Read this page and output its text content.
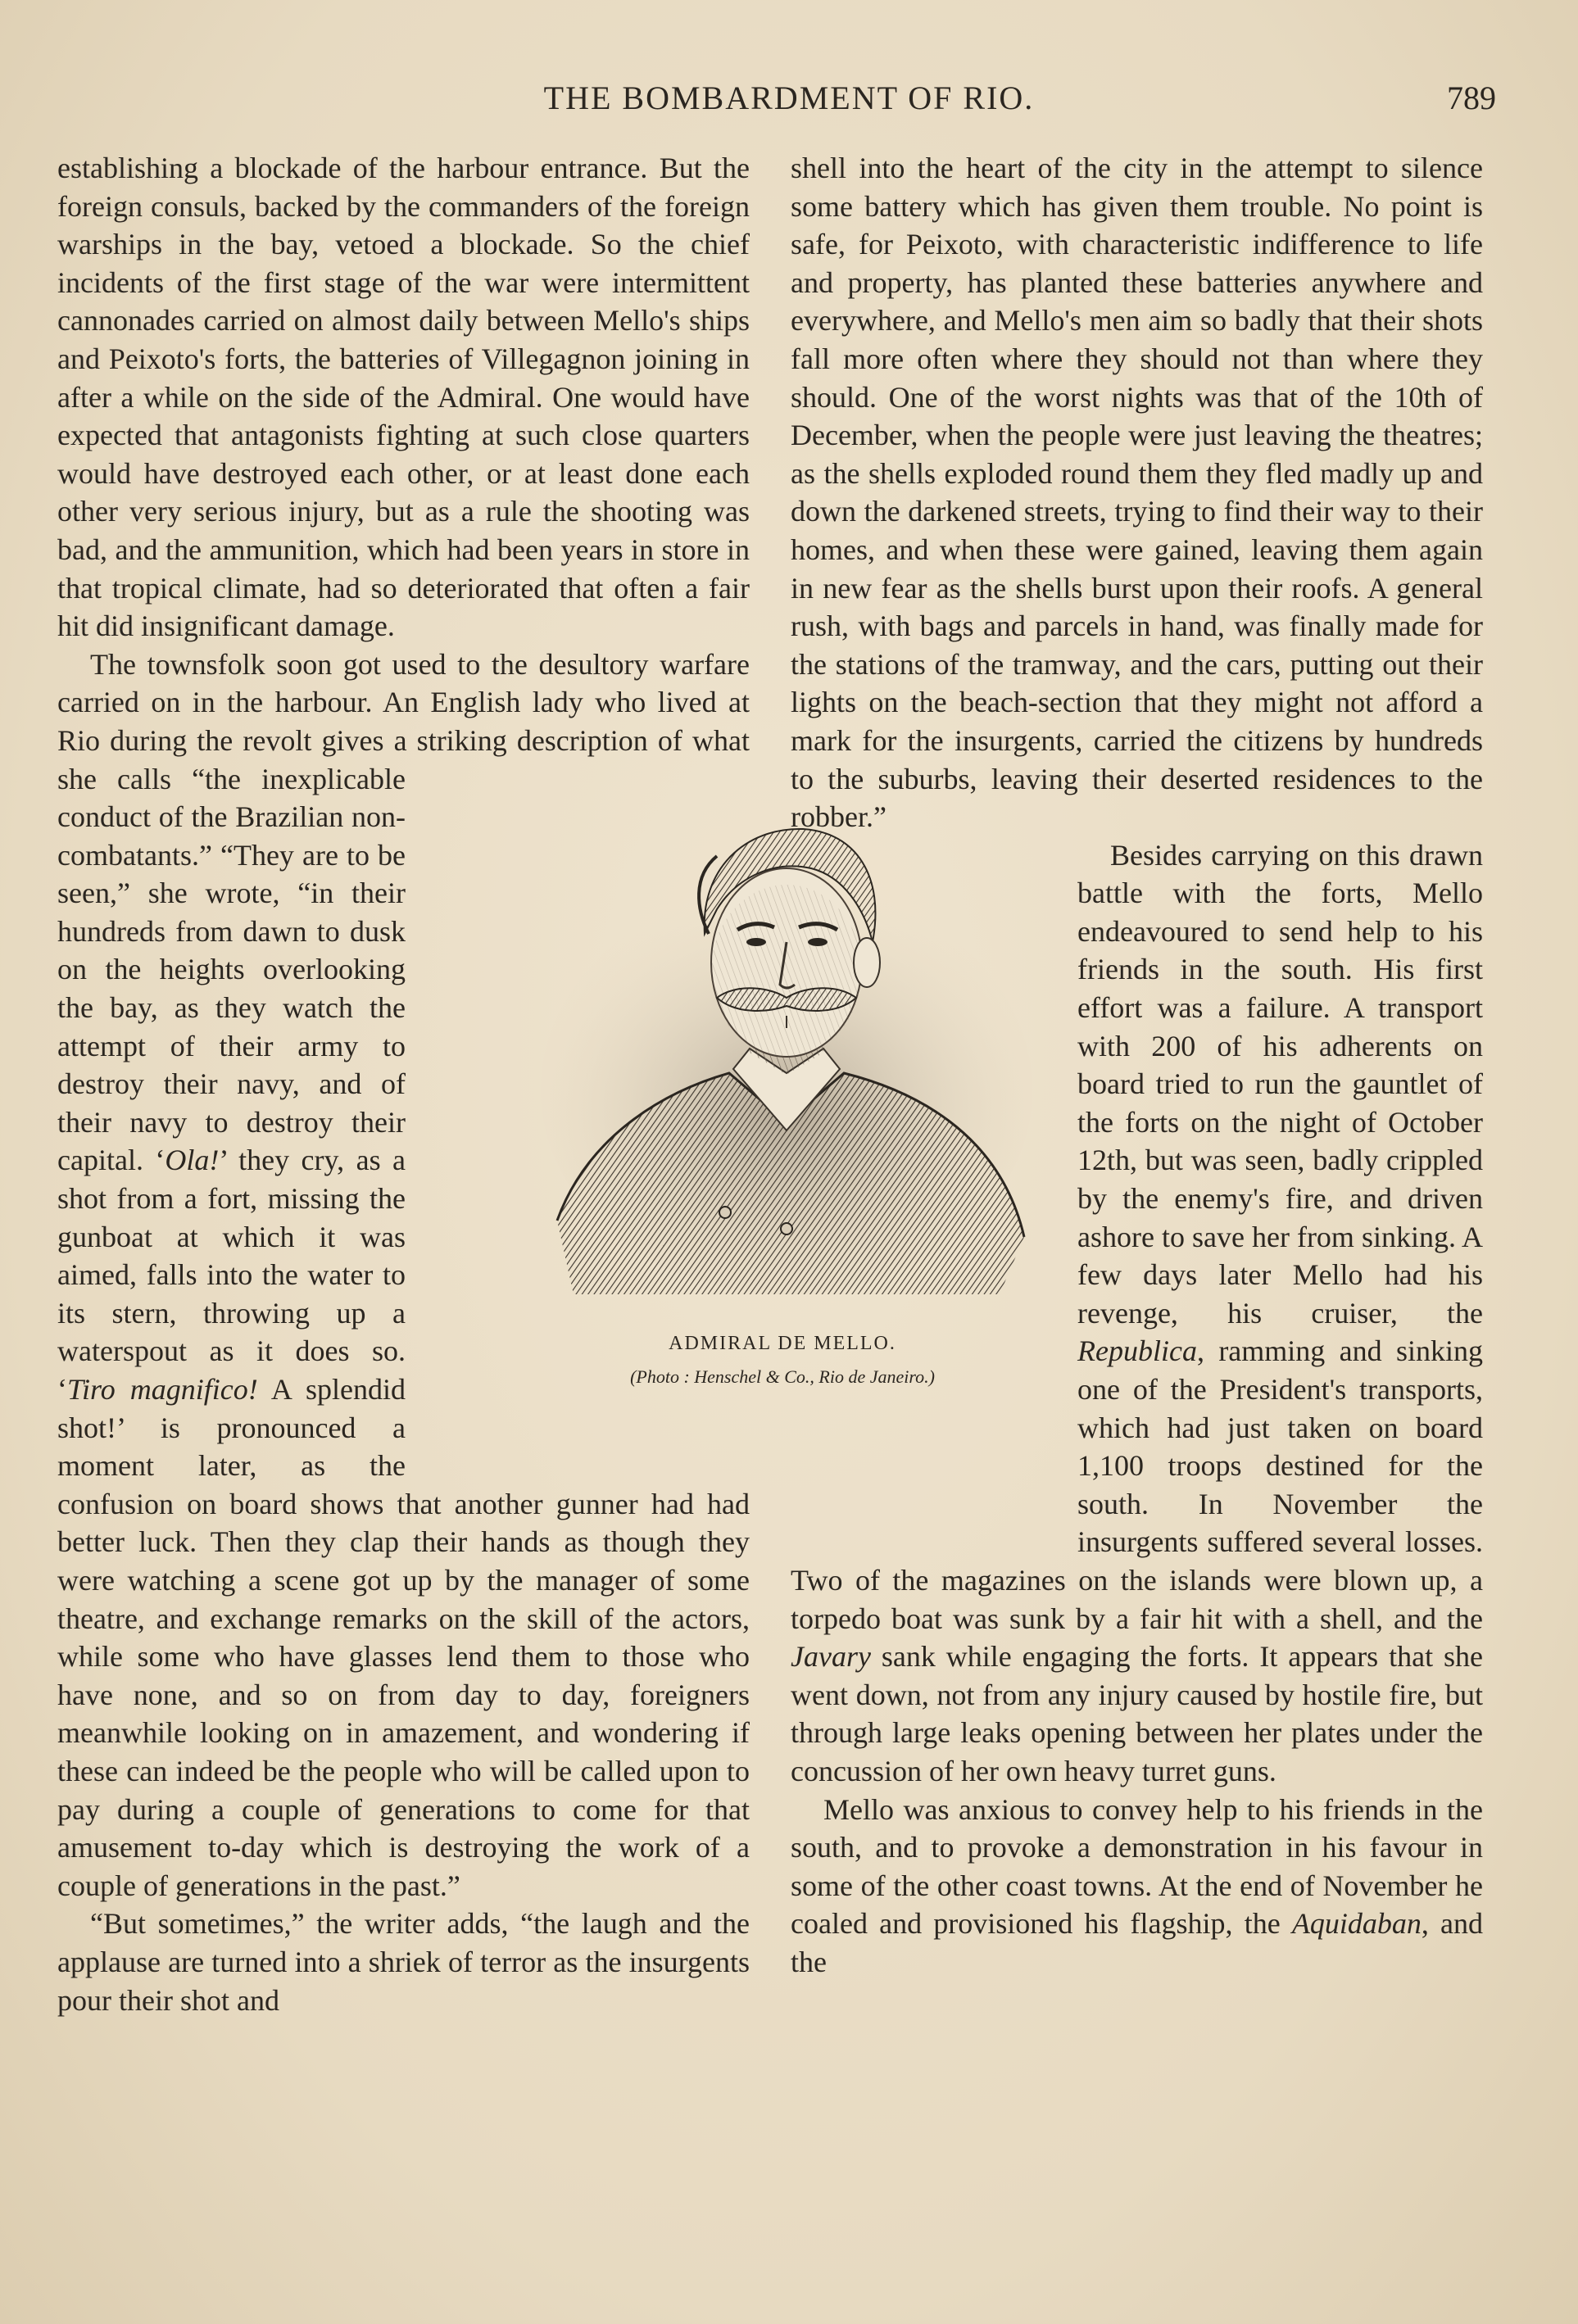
THE BOMBARDMENT OF RIO.	789

establishing a blockade of the harbour entrance. But the foreign consuls, backed by the commanders of the foreign warships in the bay, vetoed a blockade. So the chief incidents of the first stage of the war were intermittent cannonades carried on almost daily between Mello's ships and Peixoto's forts, the batteries of Villegagnon joining in after a while on the side of the Admiral. One would have expected that antagonists fighting at such close quarters would have destroyed each other, or at least done each other very serious injury, but as a rule the shooting was bad, and the ammunition, which had been years in store in that tropical climate, had so deteriorated that often a fair hit did insignificant damage.

The townsfolk soon got used to the desultory warfare carried on in the harbour. An English lady who lived at Rio during the revolt gives a striking description of what she calls “the inexplicable conduct of the Brazilian non-combatants.” “They are to be seen,” she wrote, “in their hundreds from dawn to dusk on the heights overlooking the bay, as they watch the attempt of their army to destroy their navy, and of their navy to destroy their capital. ‘Ola!’ they cry, as a shot from a fort, missing the gunboat at which it was aimed, falls into the water to its stern, throwing up a waterspout as it does so. ‘Tiro magnifico! A splendid shot!’ is pronounced a moment later, as the confusion on board shows that another gunner had had better luck. Then they clap their hands as though they were watching a scene got up by the manager of some theatre, and exchange remarks on the skill of the actors, while some who have glasses lend them to those who have none, and so on from day to day, foreigners meanwhile looking on in amazement, and wondering if these can indeed be the people who will be called upon to pay during a couple of generations to come for that amusement to-day which is destroying the work of a couple of generations in the past.”

“But sometimes,” the writer adds, “the laugh and the applause are turned into a shriek of terror as the insurgents pour their shot and

shell into the heart of the city in the attempt to silence some battery which has given them trouble. No point is safe, for Peixoto, with characteristic indifference to life and property, has planted these batteries anywhere and everywhere, and Mello's men aim so badly that their shots fall more often where they should not than where they should. One of the worst nights was that of the 10th of December, when the people were just leaving the theatres; as the shells exploded round them they fled madly up and down the darkened streets, trying to find their way to their homes, and when these were gained, leaving them again in new fear as the shells burst upon their roofs. A general rush, with bags and parcels in hand, was finally made for the stations of the tramway, and the cars, putting out their lights on the beach-section that they might not afford a mark for the insurgents, carried the citizens by hundreds to the suburbs, leaving their deserted residences to the robber.”

Besides carrying on this drawn battle with the forts, Mello endeavoured to send help to his friends in the south. His first effort was a failure. A transport with 200 of his adherents on board tried to run the gauntlet of the forts on the night of October 12th, but was seen, badly crippled by the enemy's fire, and driven ashore to save her from sinking. A few days later Mello had his revenge, his cruiser, the Republica, ramming and sinking one of the President's transports, which had just taken on board 1,100 troops destined for the south. In November the insurgents suffered several losses. Two of the magazines on the islands were blown up, a torpedo boat was sunk by a fair hit with a shell, and the Javary sank while engaging the forts. It appears that she went down, not from any injury caused by hostile fire, but through large leaks opening between her plates under the concussion of her own heavy turret guns.

Mello was anxious to convey help to his friends in the south, and to provoke a demonstration in his favour in some of the other coast towns. At the end of November he coaled and provisioned his flagship, the Aquidaban, and the

ADMIRAL DE MELLO.
(Photo : Henschel & Co., Rio de Janeiro.)
